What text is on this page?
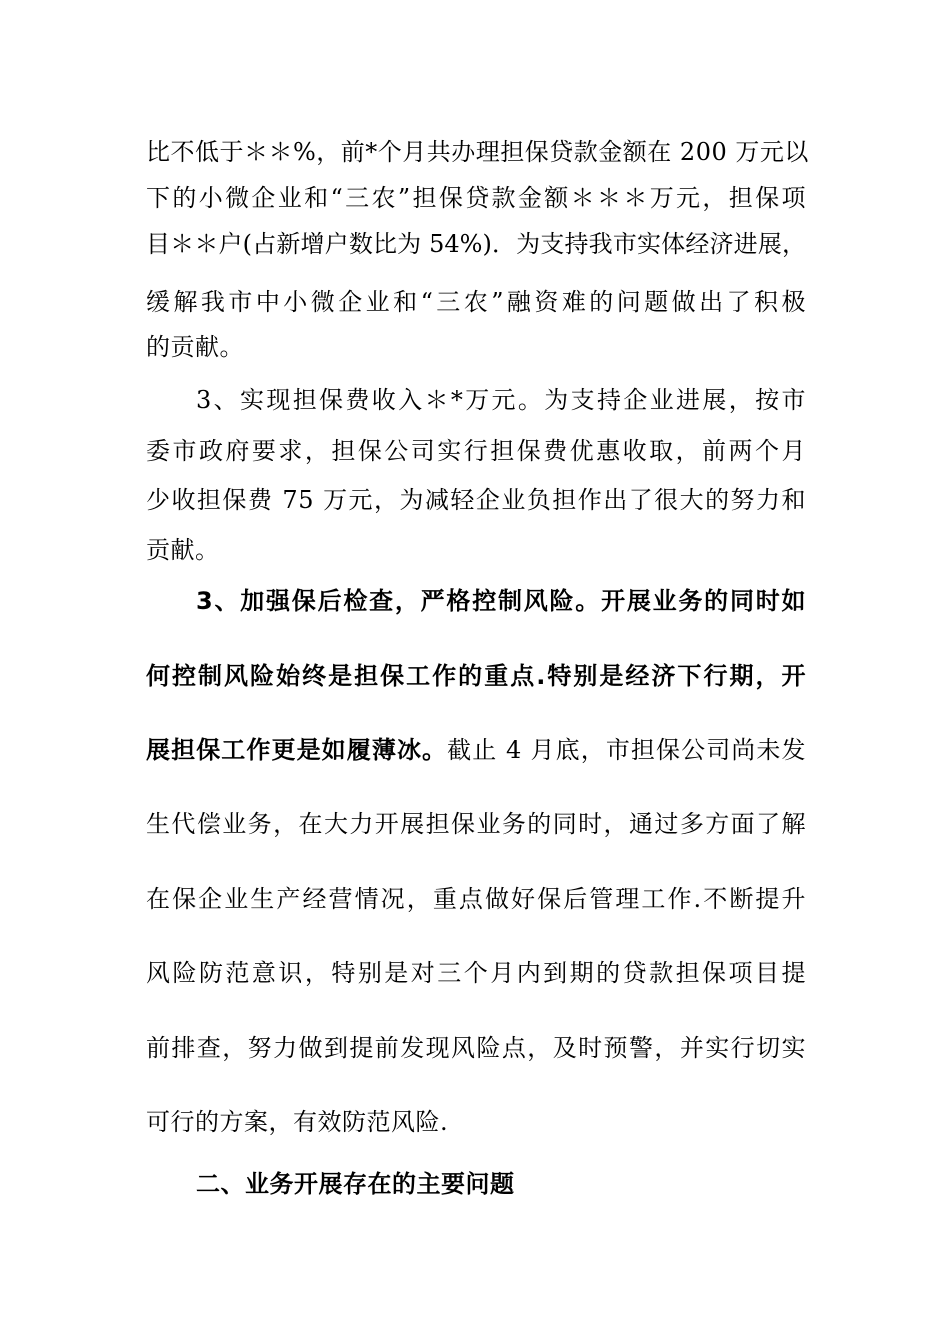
比不低于＊＊%，前*个月共办理担保贷款金额在 200 万元以

下的小微企业和“三农”担保贷款金额＊＊＊万元，担保项

目＊＊户(占新增户数比为 54%)．为支持我市实体经济进展，

缓解我市中小微企业和“三农”融资难的问题做出了积极

的贡献。

3、实现担保费收入＊*万元。为支持企业进展，按市

委市政府要求，担保公司实行担保费优惠收取，前两个月

少收担保费 75 万元，为减轻企业负担作出了很大的努力和

贡献。

3、加强保后检查，严格控制风险。开展业务的同时如

何控制风险始终是担保工作的重点.特别是经济下行期，开

展担保工作更是如履薄冰。截止 4 月底，市担保公司尚未发

生代偿业务，在大力开展担保业务的同时，通过多方面了解

在保企业生产经营情况，重点做好保后管理工作.不断提升

风险防范意识，特别是对三个月内到期的贷款担保项目提

前排查，努力做到提前发现风险点，及时预警，并实行切实

可行的方案，有效防范风险.

二、业务开展存在的主要问题
